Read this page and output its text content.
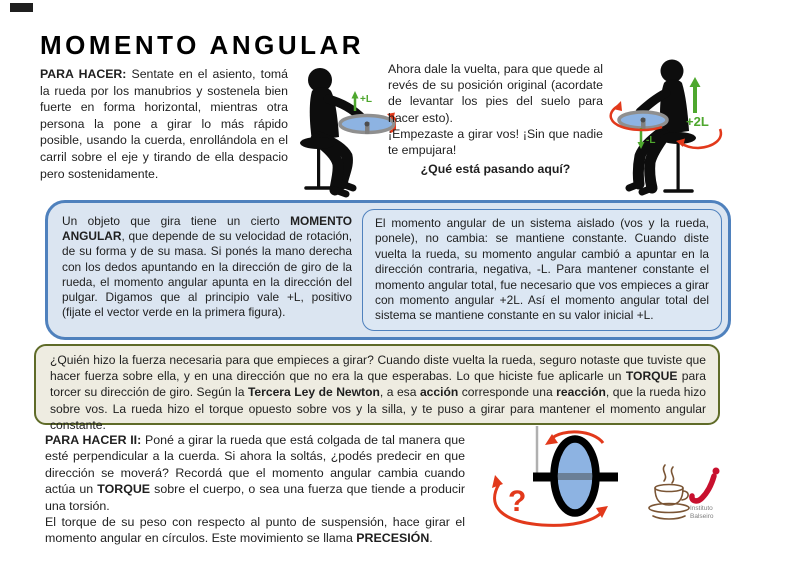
MOMENTO ANGULAR
PARA HACER: Sentate en el asiento, tomá la rueda por los manubrios y sostenela bien fuerte en forma horizontal, mientras otra persona la pone a girar lo más rápido posible, usando la cuerda, enrollándola en el carril sobre el eje y tirando de ella despacio pero sostenidamente.
+L

Ahora dale la vuelta, para que quede al revés de su posición original (acordate de levantar los pies del suelo para hacer esto).

¡Empezaste a girar vos! ¡Sin que nadie te empujara!

¿Qué está pasando aquí?
-L
+2L
Un objeto que gira tiene un cierto MOMENTO ANGULAR, que depende de su velocidad de rotación, de su forma y de su masa. Si ponés la mano derecha con los dedos apuntando en la dirección de giro de la rueda, el momento angular apunta en la dirección del pulgar. Digamos que al principio vale +L, positivo (fijate el vector verde en la primera figura).
El momento angular de un sistema aislado (vos y la rueda, ponele), no cambia: se mantiene constante. Cuando diste vuelta la rueda, su momento angular cambió a apuntar en la dirección contraria, negativa, -L. Para mantener constante el momento angular total, fue necesario que vos empieces a girar con momento angular +2L. Así el momento angular total del sistema se mantiene constante en su valor inicial +L.
¿Quién hizo la fuerza necesaria para que empieces a girar? Cuando diste vuelta la rueda, seguro notaste que tuviste que hacer fuerza sobre ella, y en una dirección que no era la que esperabas. Lo que hiciste fue aplicarle un TORQUE para torcer su dirección de giro. Según la Tercera Ley de Newton, a esa acción corresponde una reacción, que la rueda hizo sobre vos. La rueda hizo el torque opuesto sobre vos y la silla, y te puso a girar para mantener el momento angular constante.

PARA HACER II: Poné a girar la rueda que está colgada de tal manera que esté perpendicular a la cuerda. Si ahora la soltás, ¿podés predecir en que dirección se moverá? Recordá que el momento angular cambia cuando actúa un TORQUE sobre el cuerpo, o sea una fuerza que tiende a producir una torsión.

El torque de su peso con respecto al punto de suspensión, hace girar el momento angular en círculos. Este movimiento se llama PRECESIÓN.

?	Instituto
Balseiro
